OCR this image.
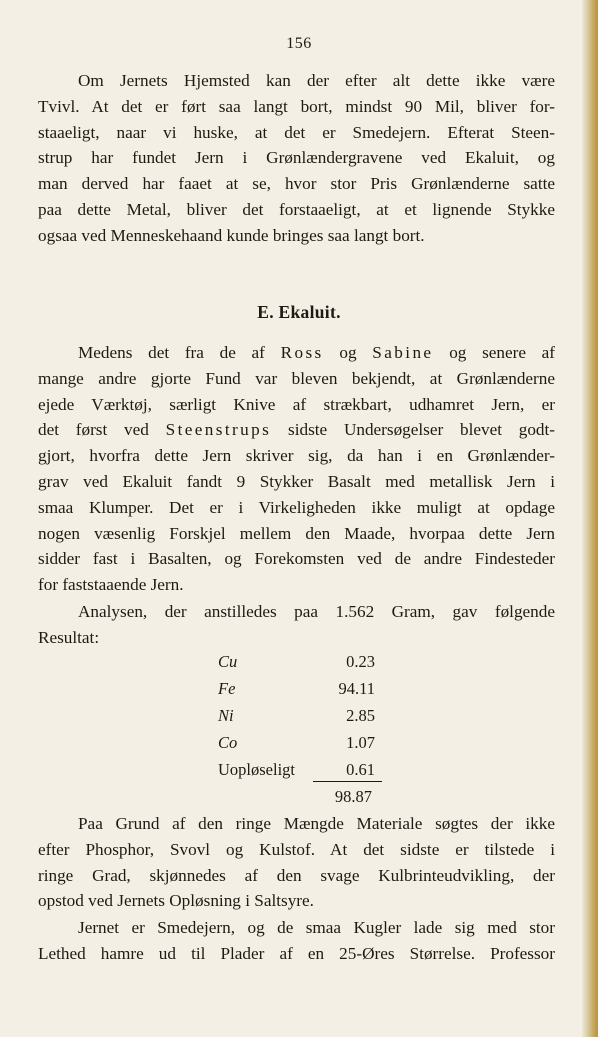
156
Om Jernets Hjemsted kan der efter alt dette ikke være
Tvivl. At det er ført saa langt bort, mindst 90 Mil, bliver for-
staaeligt, naar vi huske, at det er Smedejern. Efterat Steen-
strup har fundet Jern i Grønlændergravene ved Ekaluit, og
man derved har faaet at se, hvor stor Pris Grønlænderne satte
paa dette Metal, bliver det forstaaeligt, at et lignende Stykke
ogsaa ved Menneskehaand kunde bringes saa langt bort.
E. Ekaluit.
Medens det fra de af Ross og Sabine og senere af
mange andre gjorte Fund var bleven bekjendt, at Grønlænderne
ejede Værktøj, særligt Knive af strækbart, udhamret Jern, er
det først ved Steenstrups sidste Undersøgelser blevet godt-
gjort, hvorfra dette Jern skriver sig, da han i en Grønlænder-
grav ved Ekaluit fandt 9 Stykker Basalt med metallisk Jern i
smaa Klumper. Det er i Virkeligheden ikke muligt at opdage
nogen væsenlig Forskjel mellem den Maade, hvorpaa dette Jern
sidder fast i Basalten, og Forekomsten ved de andre Findesteder
for faststaaende Jern.
Analysen, der anstilledes paa 1.562 Gram, gav følgende
Resultat:
Cu	0.23
Fe	94.11
Ni	2.85
Co	1.07
Uopløseligt	0.61
98.87
Paa Grund af den ringe Mængde Materiale søgtes der ikke
efter Phosphor, Svovl og Kulstof. At det sidste er tilstede i
ringe Grad, skjønnedes af den svage Kulbrinteudvikling, der
opstod ved Jernets Opløsning i Saltsyre.
Jernet er Smedejern, og de smaa Kugler lade sig med stor
Lethed hamre ud til Plader af en 25-Øres Størrelse. Professor
